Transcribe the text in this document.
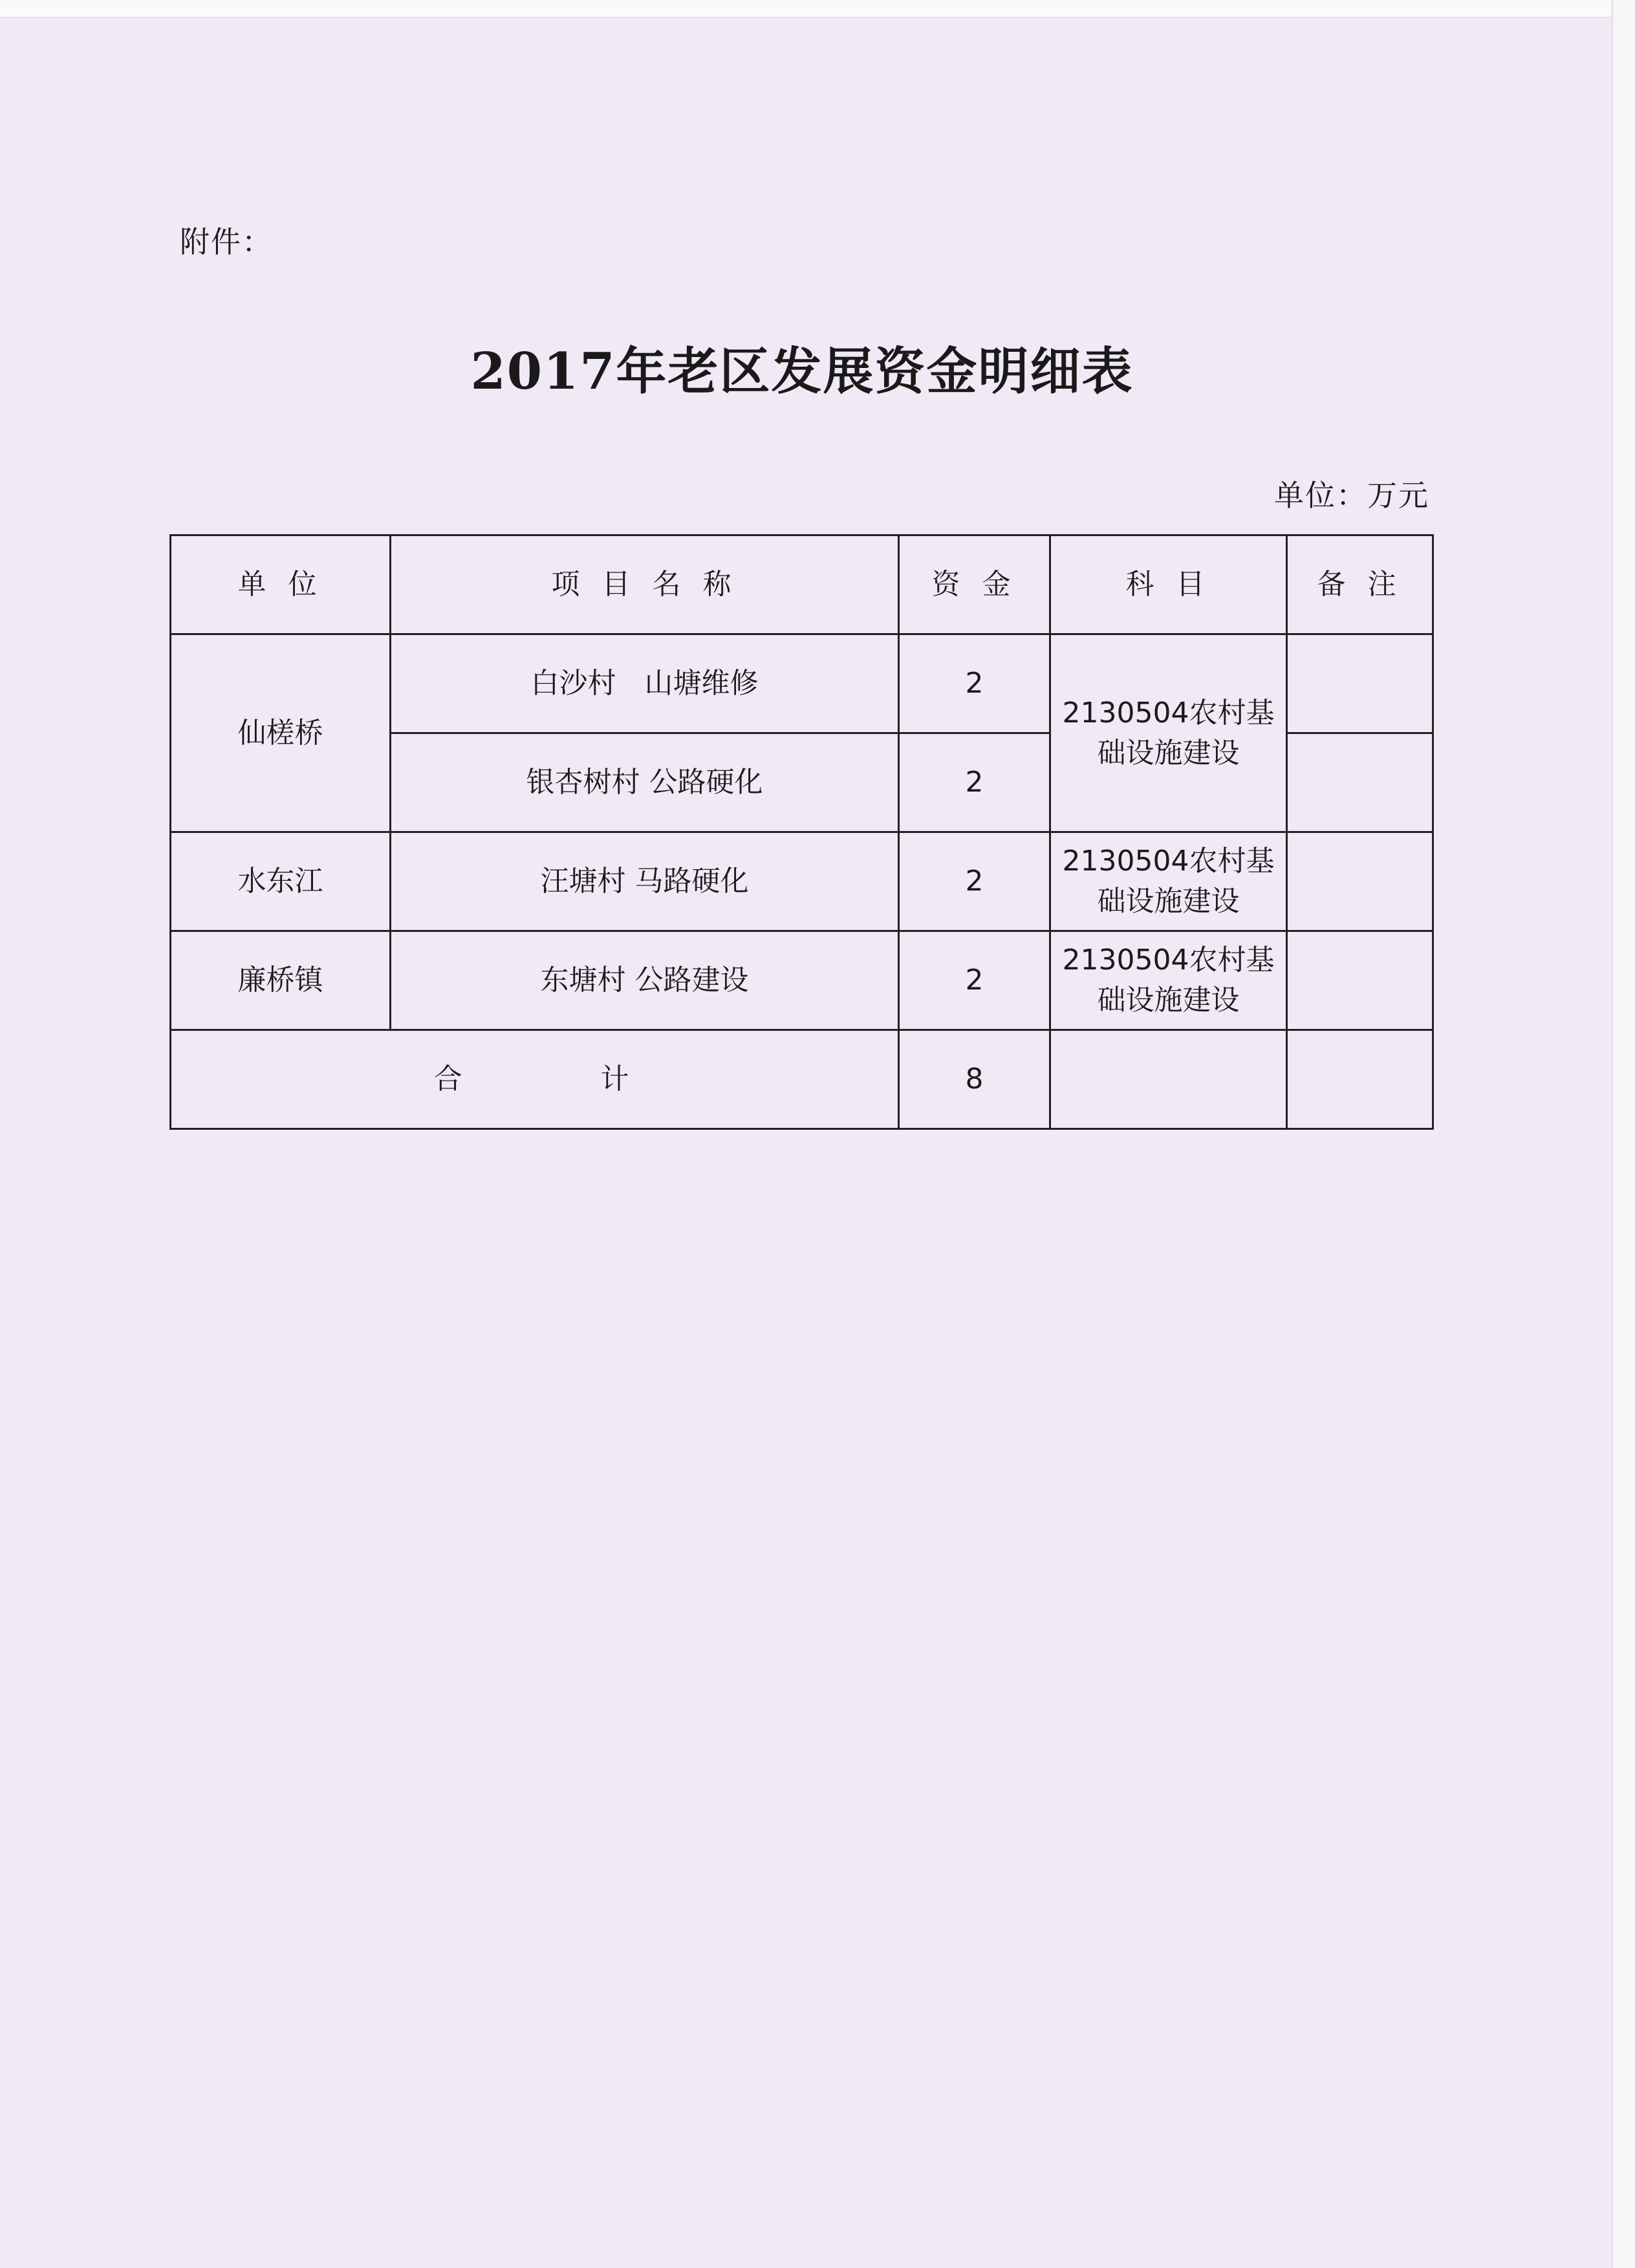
附件：
2017年老区发展资金明细表
单位：万元
单 位	项 目 名 称	资 金	科 目	备 注
仙槎桥	白沙村　山塘维修	2	2130504农村基础设施建设	
	银杏树村 公路硬化	2		
水东江	汪塘村 马路硬化	2	2130504农村基础设施建设	
廉桥镇	东塘村 公路建设	2	2130504农村基础设施建设	
合 计		8		
